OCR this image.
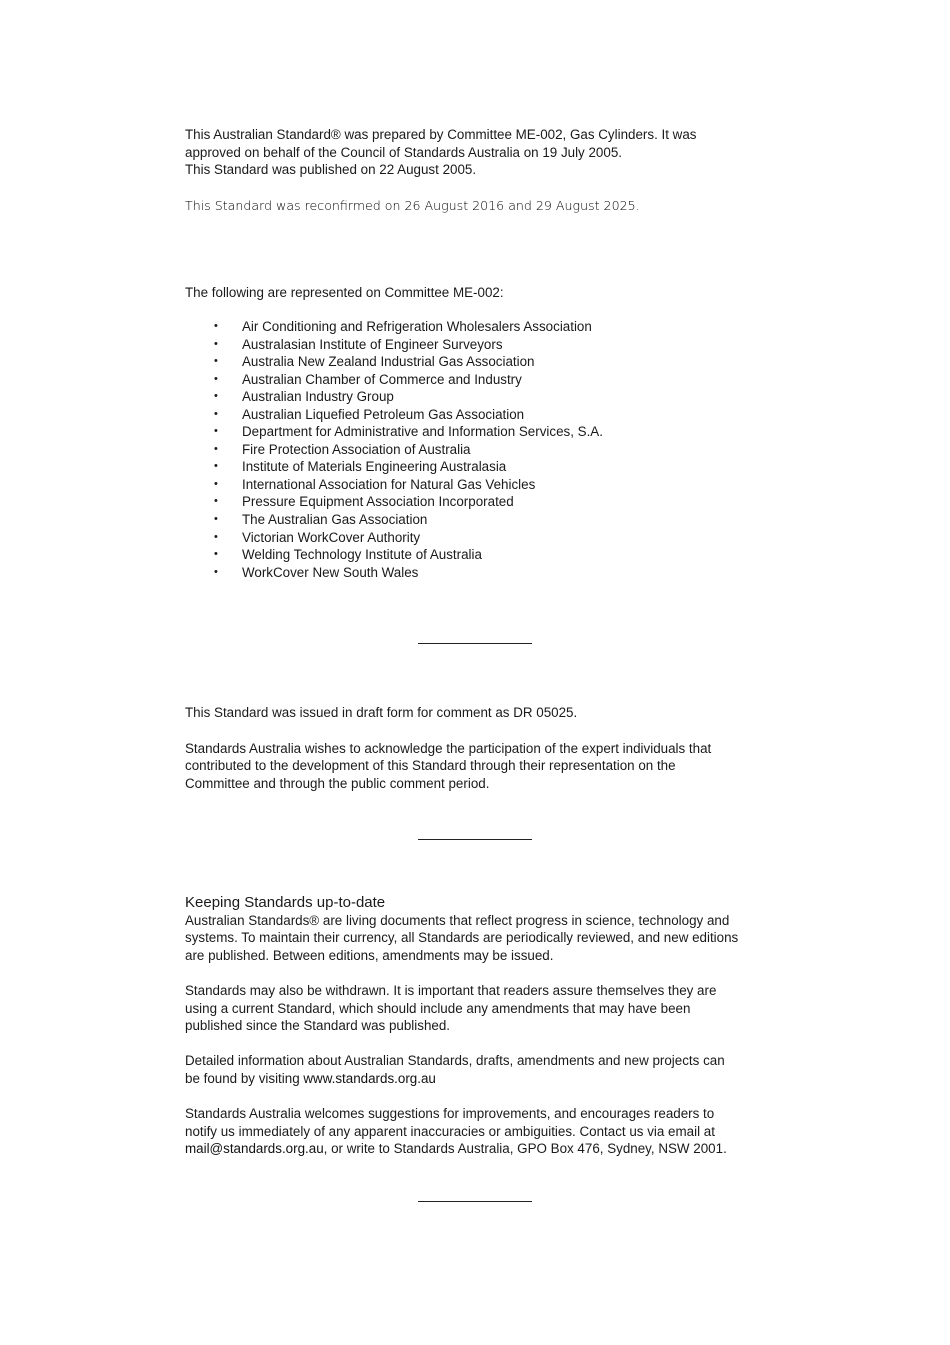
This Australian Standard® was prepared by Committee ME-002, Gas Cylinders. It was
approved on behalf of the Council of Standards Australia on 19 July 2005.
This Standard was published on 22 August 2005.

This Standard was reconfirmed on 26 August 2016 and 29 August 2025.

The following are represented on Committee ME-002:

• Air Conditioning and Refrigeration Wholesalers Association
• Australasian Institute of Engineer Surveyors
• Australia New Zealand Industrial Gas Association
• Australian Chamber of Commerce and Industry
• Australian Industry Group
• Australian Liquefied Petroleum Gas Association
• Department for Administrative and Information Services, S.A.
• Fire Protection Association of Australia
• Institute of Materials Engineering Australasia
• International Association for Natural Gas Vehicles
• Pressure Equipment Association Incorporated
• The Australian Gas Association
• Victorian WorkCover Authority
• Welding Technology Institute of Australia
• WorkCover New South Wales

This Standard was issued in draft form for comment as DR 05025.

Standards Australia wishes to acknowledge the participation of the expert individuals that
contributed to the development of this Standard through their representation on the
Committee and through the public comment period.

Keeping Standards up-to-date

Australian Standards® are living documents that reflect progress in science, technology and
systems. To maintain their currency, all Standards are periodically reviewed, and new editions
are published. Between editions, amendments may be issued.

Standards may also be withdrawn. It is important that readers assure themselves they are
using a current Standard, which should include any amendments that may have been
published since the Standard was published.

Detailed information about Australian Standards, drafts, amendments and new projects can
be found by visiting www.standards.org.au

Standards Australia welcomes suggestions for improvements, and encourages readers to
notify us immediately of any apparent inaccuracies or ambiguities. Contact us via email at
mail@standards.org.au, or write to Standards Australia, GPO Box 476, Sydney, NSW 2001.
